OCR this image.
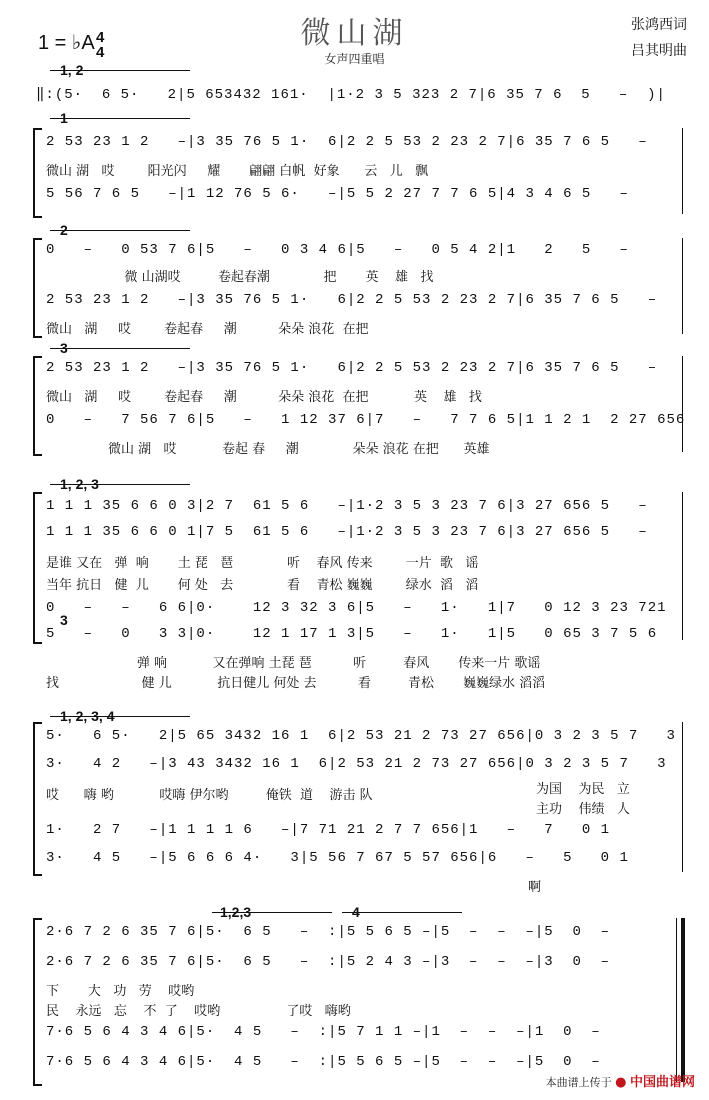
微山湖
女声四重唱
张鸿西词
吕其明曲
1 = ♭A 4
4
1, 2
‖:(5·  6 5·   2|5 653432 161·  |1·2 3 5 323 2 7|6 35 7 6  5   –  )|
1
2 53 23 1 2   –|3 35 76 5 1·  6|2 2 5 53 2 23 2 7|6 35 7 6 5   –
微山 湖   哎        阳光闪     耀       翩翩 白帆  好象      云   儿   飘
5 56 7 6 5   –|1 12 76 5 6·   –|5 5 2 27 7 7 6 5|4 3 4 6 5   –
2
0   –   0 53 7 6|5   –   0 3 4 6|5   –   0 5 4 2|1   2   5   –
微 山湖哎         卷起春潮             把       英    雄   找
2 53 23 1 2   –|3 35 76 5 1·   6|2 2 5 53 2 23 2 7|6 35 7 6 5   –
微山   湖     哎        卷起春     潮          朵朵 浪花  在把
3
2 53 23 1 2   –|3 35 76 5 1·   6|2 2 5 53 2 23 2 7|6 35 7 6 5   –
微山   湖     哎        卷起春     潮          朵朵 浪花  在把           英    雄   找
0   –   7 56 7 6|5   –   1 12 37 6|7   –   7 7 6 5|1 1 2 1  2 27 656
微山 湖   哎           卷起 春     潮             朵朵 浪花 在把      英雄
1, 2, 3
1 1 1 35 6 6 0 3|2 7  61 5 6   –|1·2 3 5 3 23 7 6|3 27 656 5   –
1 1 1 35 6 6 0 1|7 5  61 5 6   –|1·2 3 5 3 23 7 6|3 27 656 5   –
是谁 又在   弹  响       土 琵   琶             听    春风 传来        一片  歌   谣
当年 抗日   健  儿       何 处   去             看    青松 巍巍        绿水  滔   滔
0   –   –   6 6|0·    12 3 32 3 6|5   –   1·   1|7   0 12 3 23 721
3
5   –   0   3 3|0·    12 1 17 1 3|5   –   1·   1|5   0 65 3 7 5 6
弹 响           又在弹响 土琵 琶          听         春风       传来一片 歌谣
找                    健 儿           抗日健儿 何处 去          看         青松       巍巍绿水 滔滔
1, 2, 3, 4
5·   6 5·   2|5 65 3432 16 1  6|2 53 21 2 73 27 656|0 3 2 3 5 7   3
3·   4 2   –|3 43 3432 16 1  6|2 53 21 2 73 27 656|0 3 2 3 5 7   3
哎      嗨 哟           哎嗨 伊尔哟         俺铁  道    游击 队	为国    为民   立
主功    伟绩   人
1·   2 7   –|1 1 1 1 6   –|7 71 21 2 7 7 656|1   –   7   0 1
3·   4 5   –|5 6 6 6 4·   3|5 56 7 67 5 57 656|6   –   5   0 1
啊
1,2,3	4
2·6 7 2 6 35 7 6|5·  6 5   –  :|5 5 6 5 –|5  –  –  –|5  0  –
2·6 7 2 6 35 7 6|5·  6 5   –  :|5 2 4 3 –|3  –  –  –|3  0  –
下       大   功   劳    哎哟
民    永远   忘    不  了    哎哟                了哎   嗨哟
7·6 5 6 4 3 4 6|5·  4 5   –  :|5 7 1 1 –|1  –  –  –|1  0  –
7·6 5 6 4 3 4 6|5·  4 5   –  :|5 5 6 5 –|5  –  –  –|5  0  –
本曲谱上传于 ● 中国曲谱网
